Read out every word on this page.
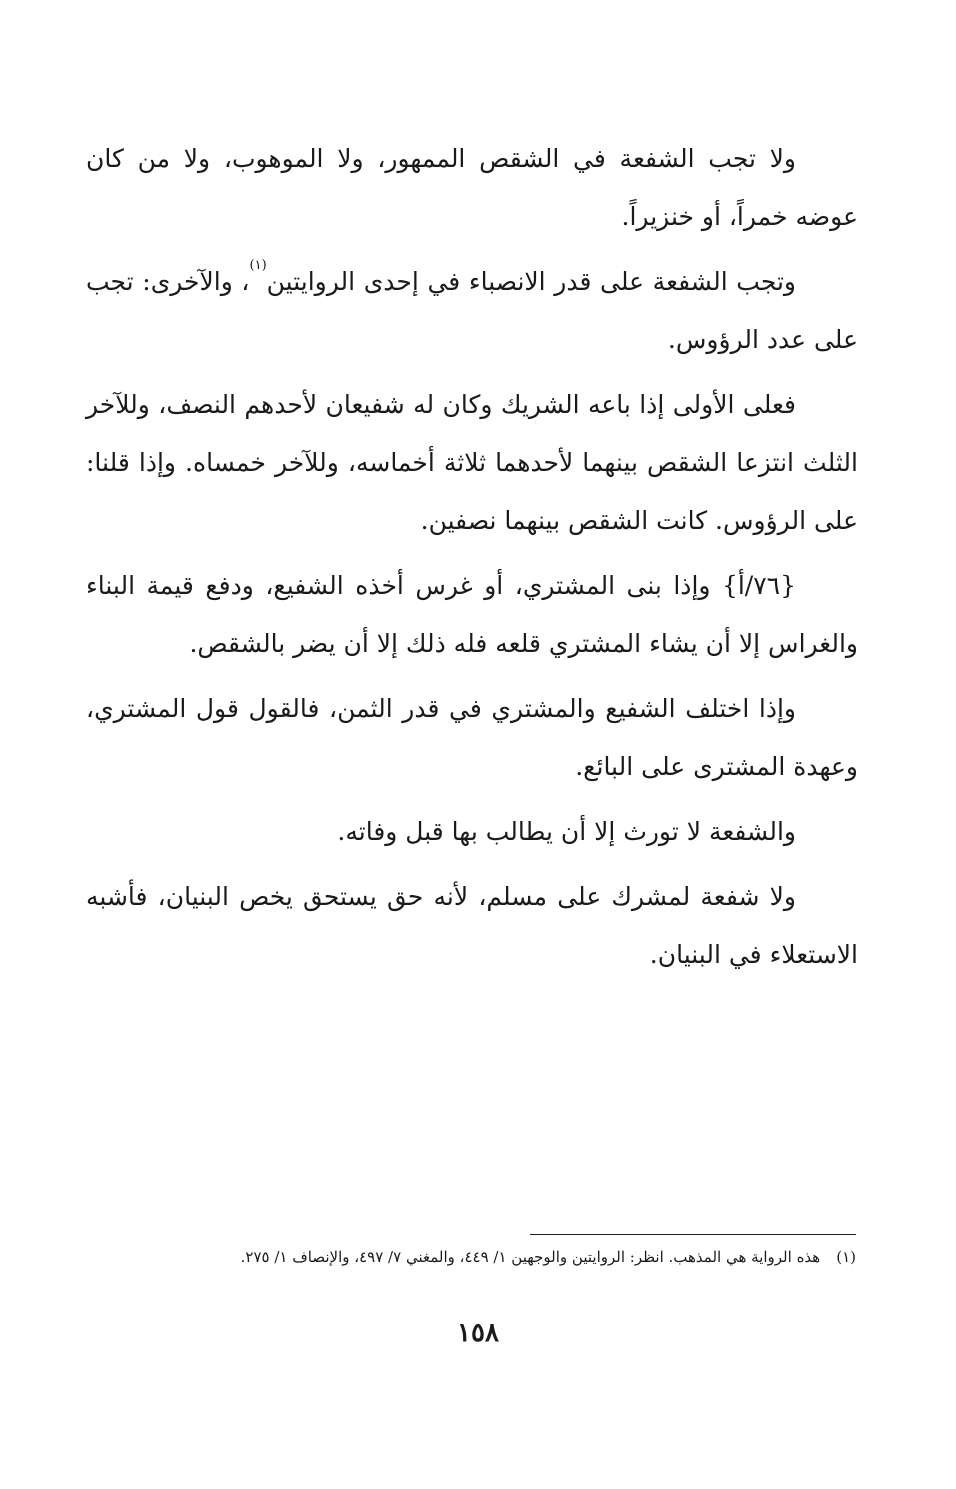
ولا تجب الشفعة في الشقص الممهور، ولا الموهوب، ولا من كان عوضه خمراً، أو خنزيراً.

وتجب الشفعة على قدر الانصباء في إحدى الروايتين$^{(١)}$، والآخرى: تجب على عدد الرؤوس.

فعلى الأولى إذا باعه الشريك وكان له شفيعان لأحدهم النصف، وللآخر الثلث انتزعا الشقص بينهما لأحدهما ثلاثة أخماسه، وللآخر خمساه. وإذا قلنا: على الرؤوس. كانت الشقص بينهما نصفين.

{٧٦/أ} وإذا بنى المشتري، أو غرس أخذه الشفيع، ودفع قيمة البناء والغراس إلا أن يشاء المشتري قلعه فله ذلك إلا أن يضر بالشقص.

وإذا اختلف الشفيع والمشتري في قدر الثمن، فالقول قول المشتري، وعهدة المشترى على البائع.

والشفعة لا تورث إلا أن يطالب بها قبل وفاته.

ولا شفعة لمشرك على مسلم، لأنه حق يستحق يخص البنيان، فأشبه الاستعلاء في البنيان.

(١)هذه الرواية هي المذهب. انظر: الروايتين والوجهين ١/ ٤٤٩، والمغني ٧/ ٤٩٧، والإنصاف ١/ ٢٧٥.
١٥٨
